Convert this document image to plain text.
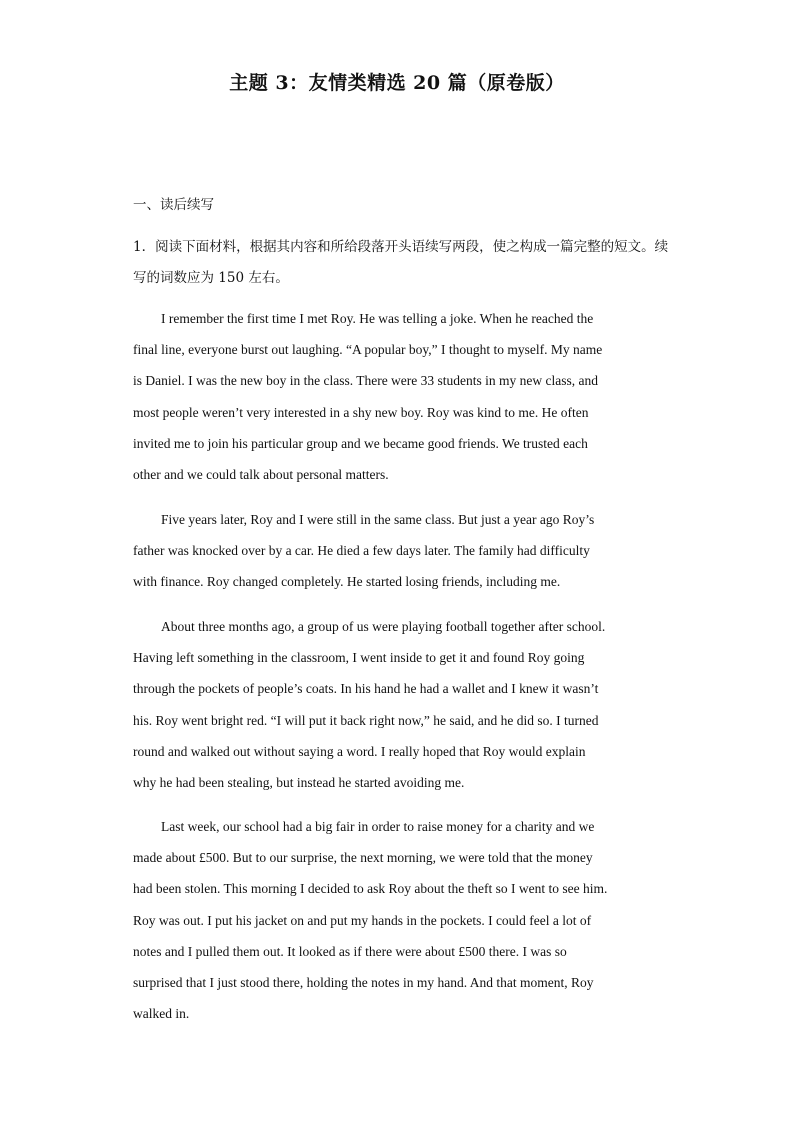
主题 3：友情类精选 20 篇（原卷版）
一、读后续写
1．阅读下面材料，根据其内容和所给段落开头语续写两段，使之构成一篇完整的短文。续写的词数应为 150 左右。
I remember the first time I met Roy. He was telling a joke. When he reached the
final line, everyone burst out laughing. “A popular boy,” I thought to myself. My name
is Daniel. I was the new boy in the class. There were 33 students in my new class, and
most people weren’t very interested in a shy new boy. Roy was kind to me. He often
invited me to join his particular group and we became good friends. We trusted each
other and we could talk about personal matters.
Five years later, Roy and I were still in the same class. But just a year ago Roy’s
father was knocked over by a car. He died a few days later. The family had difficulty
with finance. Roy changed completely. He started losing friends, including me.
About three months ago, a group of us were playing football together after school.
Having left something in the classroom, I went inside to get it and found Roy going
through the pockets of people’s coats. In his hand he had a wallet and I knew it wasn’t
his. Roy went bright red. “I will put it back right now,” he said, and he did so. I turned
round and walked out without saying a word. I really hoped that Roy would explain
why he had been stealing, but instead he started avoiding me.
Last week, our school had a big fair in order to raise money for a charity and we
made about £500. But to our surprise, the next morning, we were told that the money
had been stolen. This morning I decided to ask Roy about the theft so I went to see him.
Roy was out. I put his jacket on and put my hands in the pockets. I could feel a lot of
notes and I pulled them out. It looked as if there were about £500 there. I was so
surprised that I just stood there, holding the notes in my hand. And that moment, Roy
walked in.
